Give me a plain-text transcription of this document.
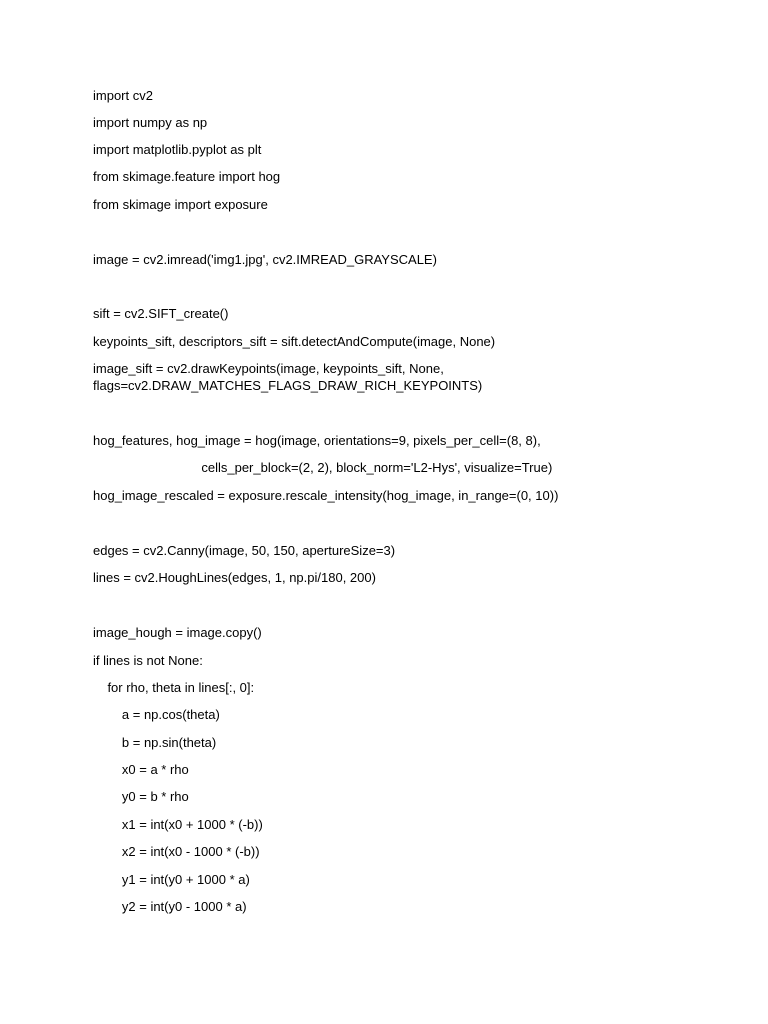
import cv2
import numpy as np
import matplotlib.pyplot as plt
from skimage.feature import hog
from skimage import exposure
image = cv2.imread('img1.jpg', cv2.IMREAD_GRAYSCALE)
sift = cv2.SIFT_create()
keypoints_sift, descriptors_sift = sift.detectAndCompute(image, None)
image_sift = cv2.drawKeypoints(image, keypoints_sift, None,
flags=cv2.DRAW_MATCHES_FLAGS_DRAW_RICH_KEYPOINTS)
hog_features, hog_image = hog(image, orientations=9, pixels_per_cell=(8, 8),
cells_per_block=(2, 2), block_norm='L2-Hys', visualize=True)
hog_image_rescaled = exposure.rescale_intensity(hog_image, in_range=(0, 10))
edges = cv2.Canny(image, 50, 150, apertureSize=3)
lines = cv2.HoughLines(edges, 1, np.pi/180, 200)
image_hough = image.copy()
if lines is not None:
for rho, theta in lines[:, 0]:
a = np.cos(theta)
b = np.sin(theta)
x0 = a * rho
y0 = b * rho
x1 = int(x0 + 1000 * (-b))
x2 = int(x0 - 1000 * (-b))
y1 = int(y0 + 1000 * a)
y2 = int(y0 - 1000 * a)
